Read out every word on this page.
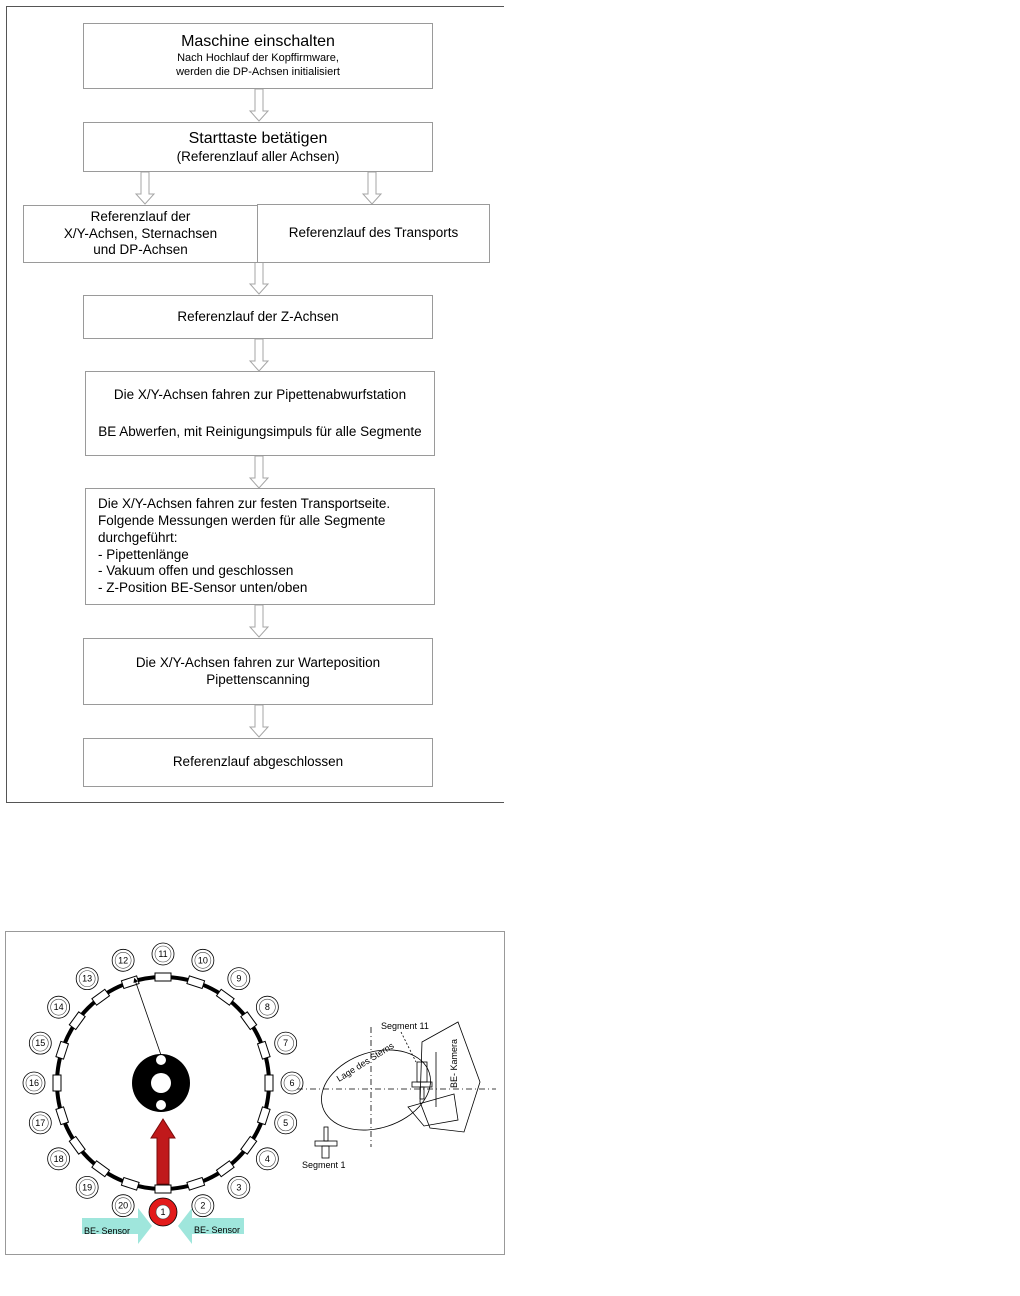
Maschine einschalten
Nach Hochlauf der Kopffirmware,
werden die DP-Achsen initialisiert
Starttaste betätigen
(Referenzlauf aller Achsen)
Referenzlauf der
X/Y-Achsen, Sternachsen
und DP-Achsen
Referenzlauf des Transports
Referenzlauf der Z-Achsen
Die X/Y-Achsen fahren zur Pipettenabwurfstation
BE Abwerfen, mit Reinigungsimpuls für alle Segmente
Die X/Y-Achsen fahren zur festen Transportseite.
Folgende Messungen werden für alle Segmente
durchgeführt:
- Pipettenlänge
- Vakuum offen und geschlossen
- Z-Position BE-Sensor unten/oben
Die X/Y-Achsen fahren zur Warteposition
Pipettenscanning
Referenzlauf abgeschlossen
1
2
3
4
5
6
7
8
9
10
11
12
13
14
15
16
17
18
19
20
BE- Sensor	BE- Sensor
Segment 11
Segment 1
Lage des Sterns	BE- Kamera
